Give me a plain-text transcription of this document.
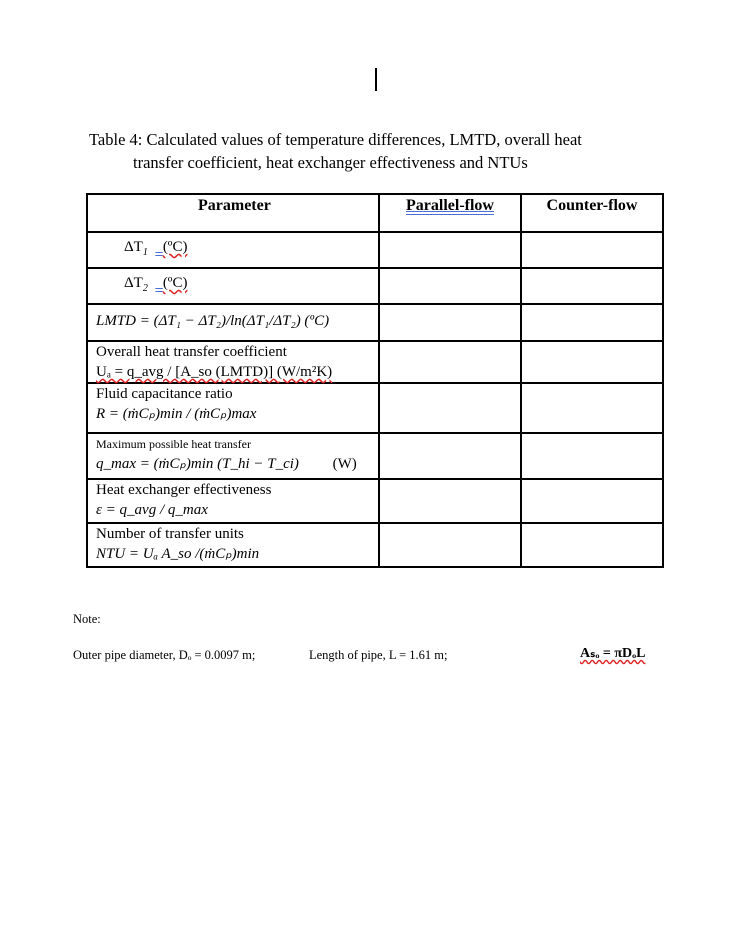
Table 4: Calculated values of temperature differences, LMTD, overall heat
transfer coefficient, heat exchanger effectiveness and NTUs
Parameter	Parallel-flow	Counter-flow
$\Delta T_1$ (ºC)		
$\Delta T_2$ (ºC)		

LMTD = (ΔT₁ − ΔT₂)/ln(ΔT₁/ΔT₂) (ºC)		

Overall heat transfer coefficient
Uₐ = q_avg / [A_so (LMTD)] (W/m²K)		

Fluid capacitance ratio
R = (ṁCₚ)min / (ṁCₚ)max		

Maximum possible heat transfer
q_max = (ṁCₚ)min (T_hi − T_ci) (W)		

Heat exchanger effectiveness
ε = q_avg / q_max		

Number of transfer units
NTU = Uₐ A_so /(ṁCₚ)min		

Note:
Outer pipe diameter, Dₒ = 0.0097 m;	Length of pipe, L = 1.61 m;	Aₛₒ = πDₒL
